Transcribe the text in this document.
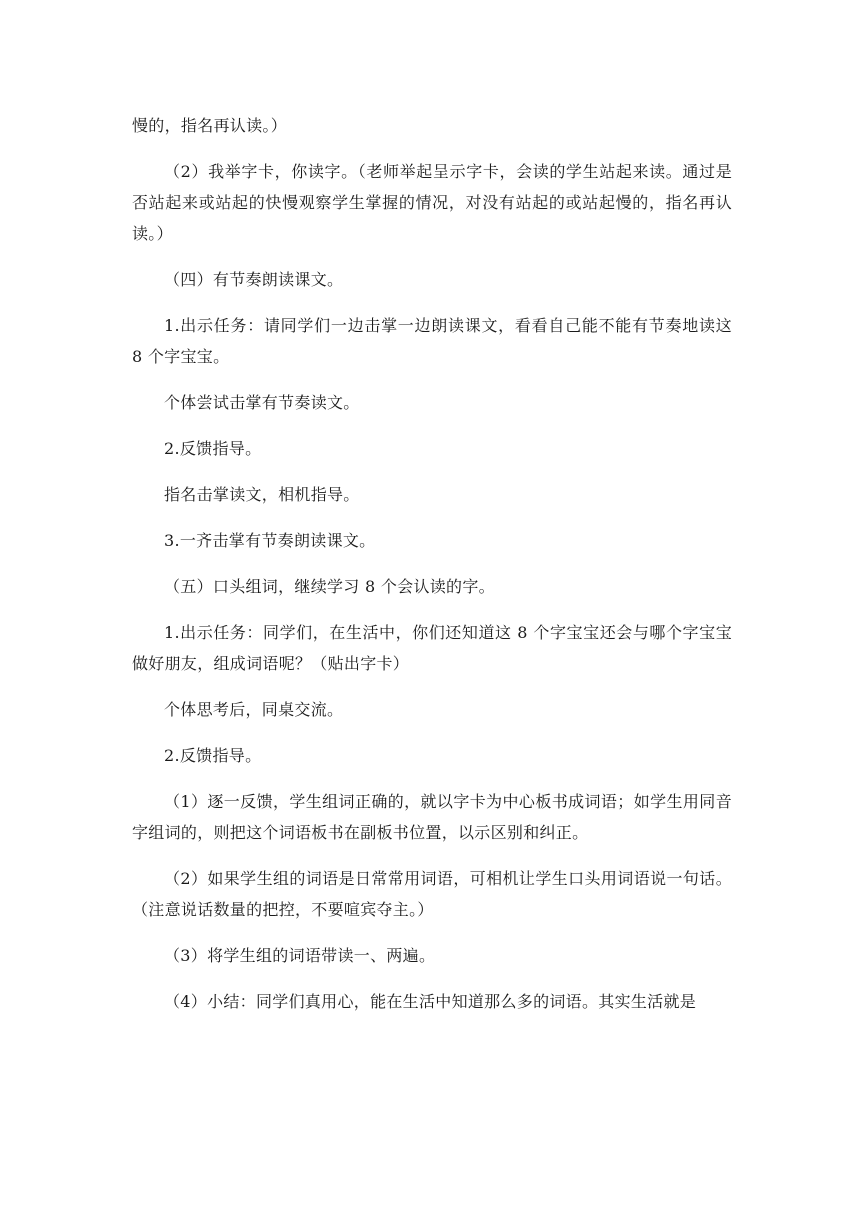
慢的，指名再认读。）

（2）我举字卡，你读字。（老师举起呈示字卡，会读的学生站起来读。通过是否站起来或站起的快慢观察学生掌握的情况，对没有站起的或站起慢的，指名再认读。）

（四）有节奏朗读课文。

1.出示任务：请同学们一边击掌一边朗读课文，看看自己能不能有节奏地读这 8 个字宝宝。

个体尝试击掌有节奏读文。

2.反馈指导。

指名击掌读文，相机指导。

3.一齐击掌有节奏朗读课文。

（五）口头组词，继续学习 8 个会认读的字。

1.出示任务：同学们，在生活中，你们还知道这 8 个字宝宝还会与哪个字宝宝做好朋友，组成词语呢？（贴出字卡）

个体思考后，同桌交流。

2.反馈指导。

（1）逐一反馈，学生组词正确的，就以字卡为中心板书成词语；如学生用同音字组词的，则把这个词语板书在副板书位置，以示区别和纠正。

（2）如果学生组的词语是日常常用词语，可相机让学生口头用词语说一句话。（注意说话数量的把控，不要喧宾夺主。）

（3）将学生组的词语带读一、两遍。

（4）小结：同学们真用心，能在生活中知道那么多的词语。其实生活就是
